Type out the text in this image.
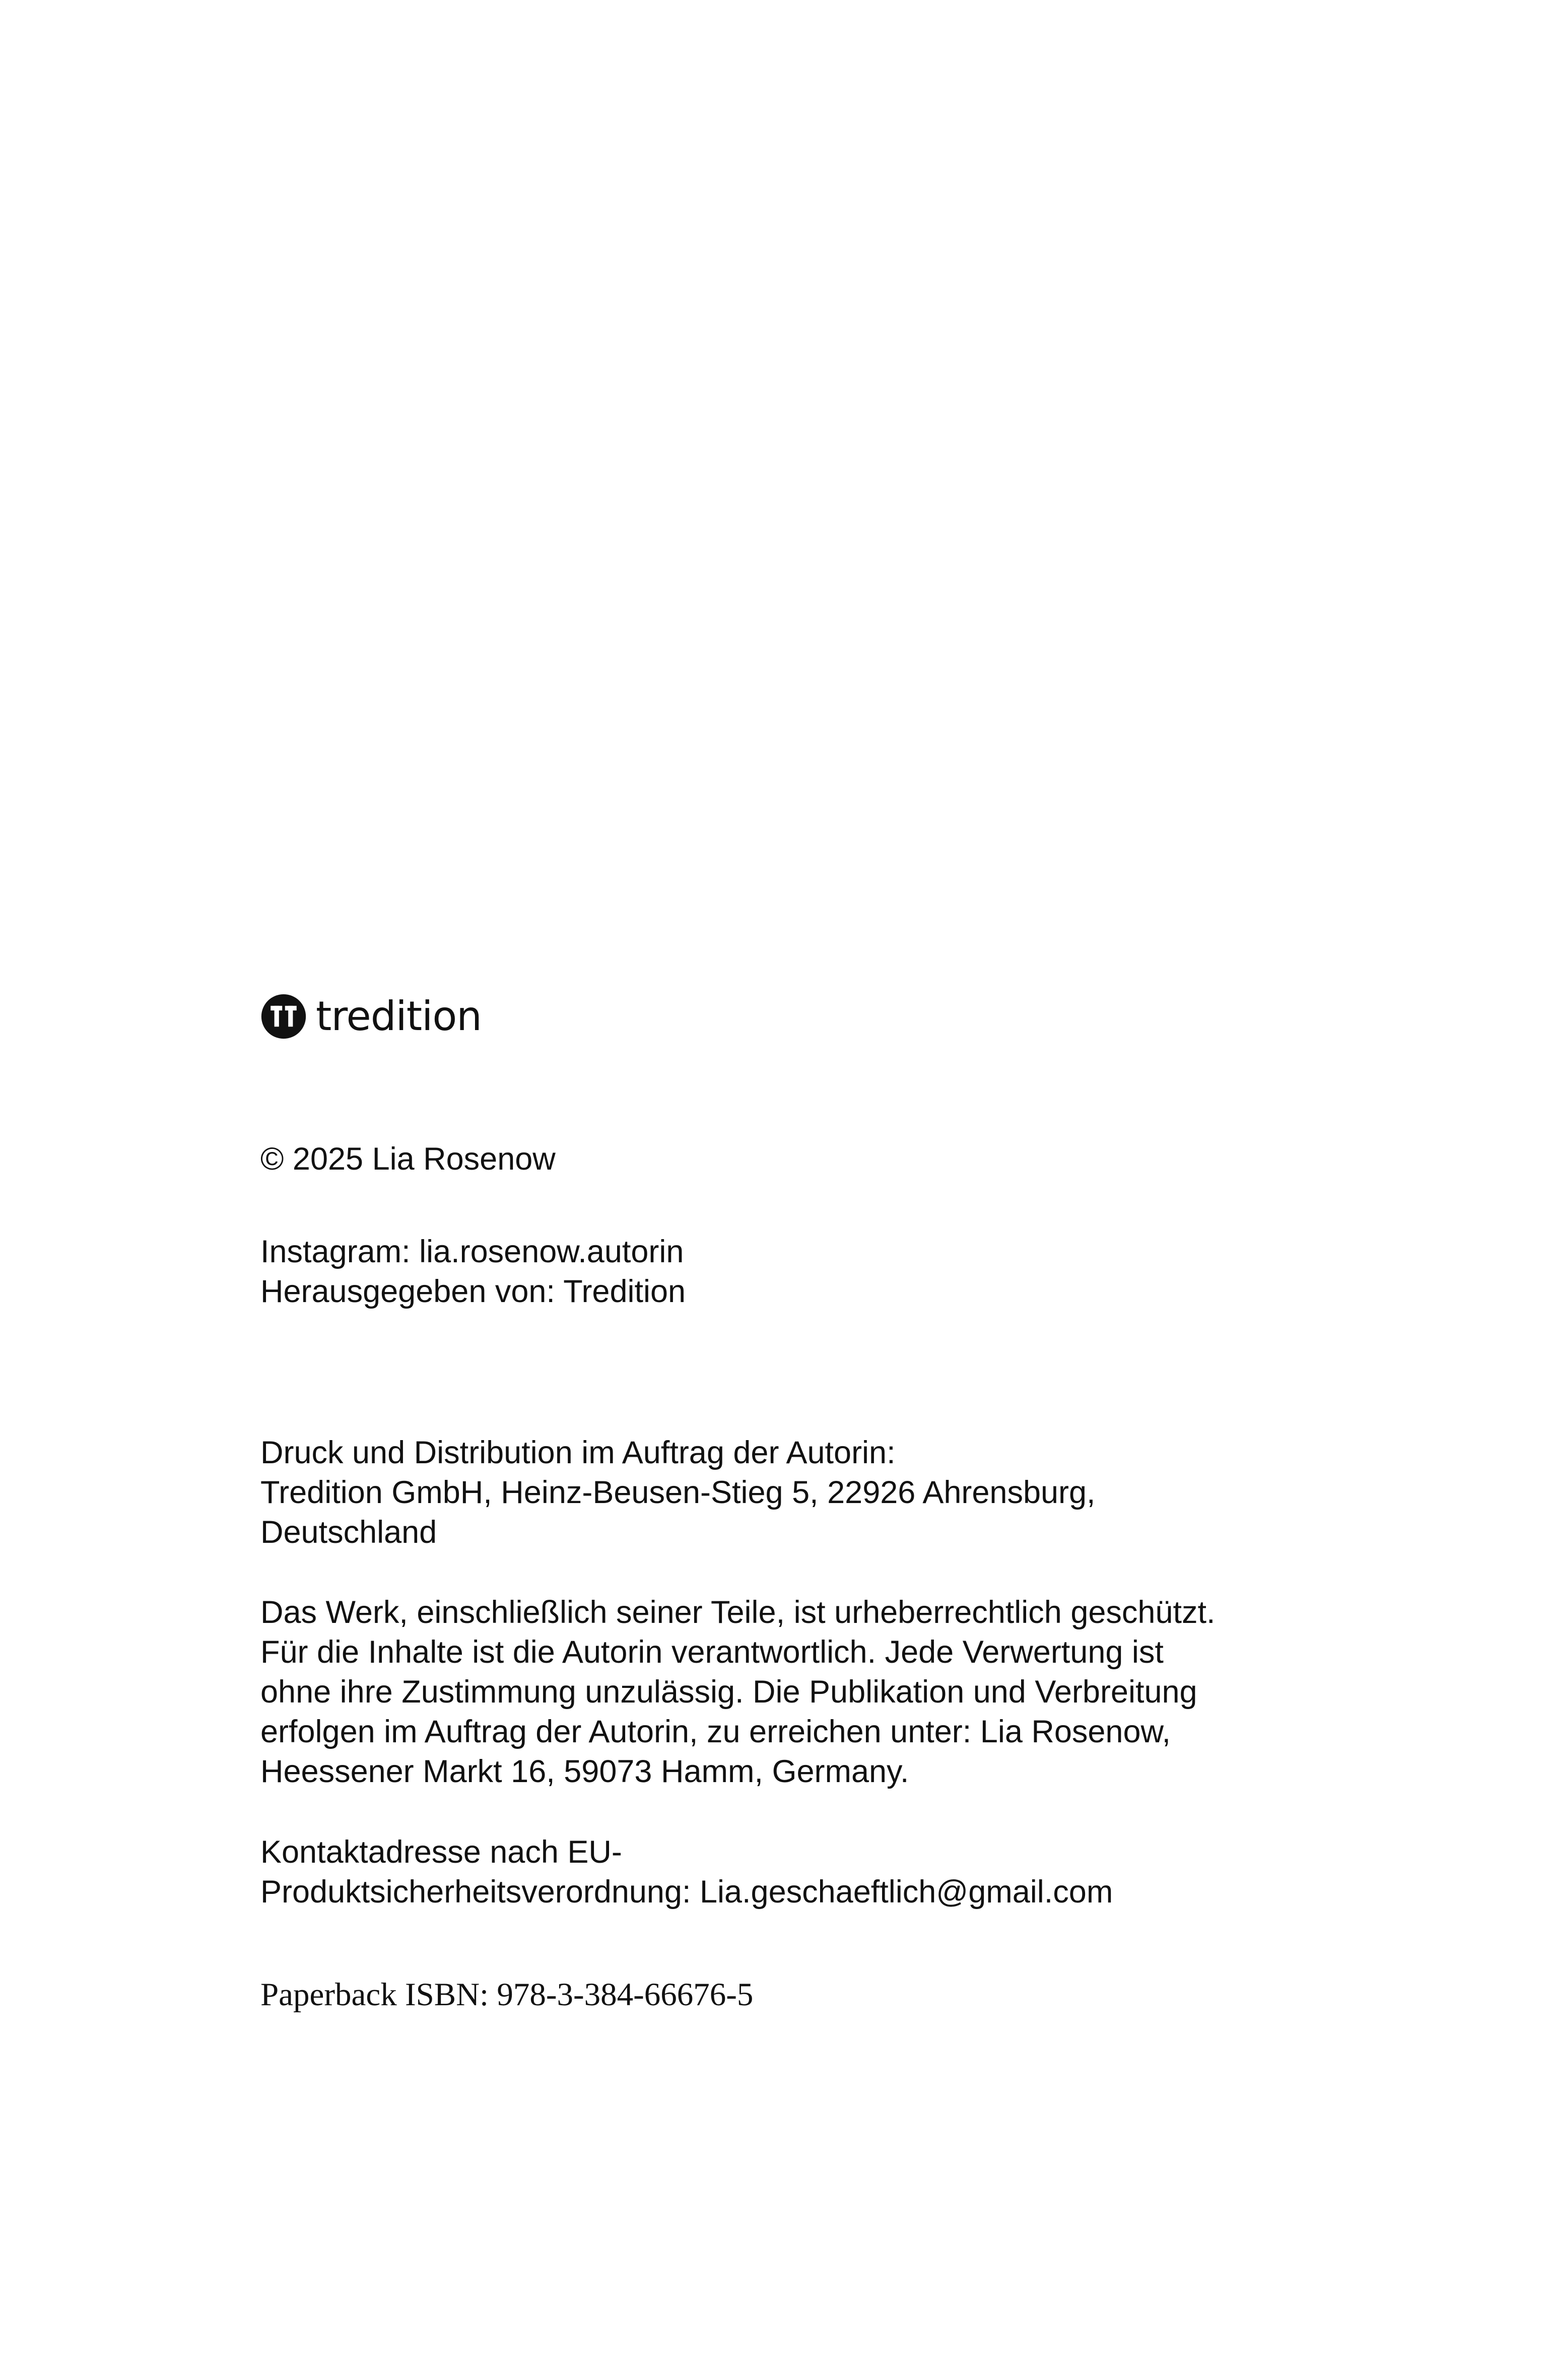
tredition
© 2025 Lia Rosenow
Instagram: lia.rosenow.autorin
Herausgegeben von: Tredition
Druck und Distribution im Auftrag der Autorin:
Tredition GmbH, Heinz-Beusen-Stieg 5, 22926 Ahrensburg,
Deutschland
Das Werk, einschließlich seiner Teile, ist urheberrechtlich geschützt.
Für die Inhalte ist die Autorin verantwortlich. Jede Verwertung ist
ohne ihre Zustimmung unzulässig. Die Publikation und Verbreitung
erfolgen im Auftrag der Autorin, zu erreichen unter: Lia Rosenow,
Heessener Markt 16, 59073 Hamm, Germany.
Kontaktadresse nach EU-
Produktsicherheitsverordnung: Lia.geschaeftlich@gmail.com
Paperback ISBN: 978-3-384-66676-5
